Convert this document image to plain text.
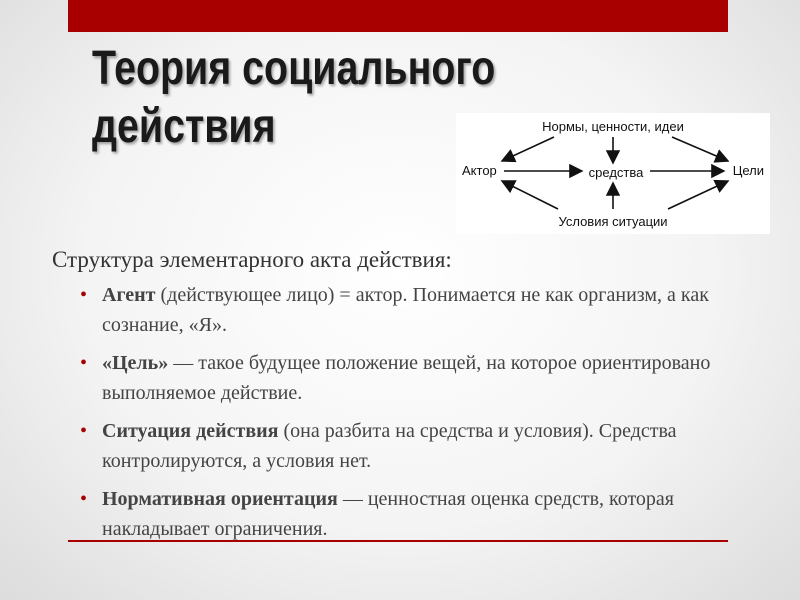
Теория социального
действия	Нормы, ценности, идеи
Актор	средства	Цели
Условия ситуации
Структура элементарного акта действия:
• Агент (действующее лицо) = актор. Понимается не как организм, а как сознание, «Я».
• «Цель» — такое будущее положение вещей, на которое ориентировано выполняемое действие.
• Ситуация действия (она разбита на средства и условия). Средства контролируются, а условия нет.
• Нормативная ориентация — ценностная оценка средств, которая накладывает ограничения.
